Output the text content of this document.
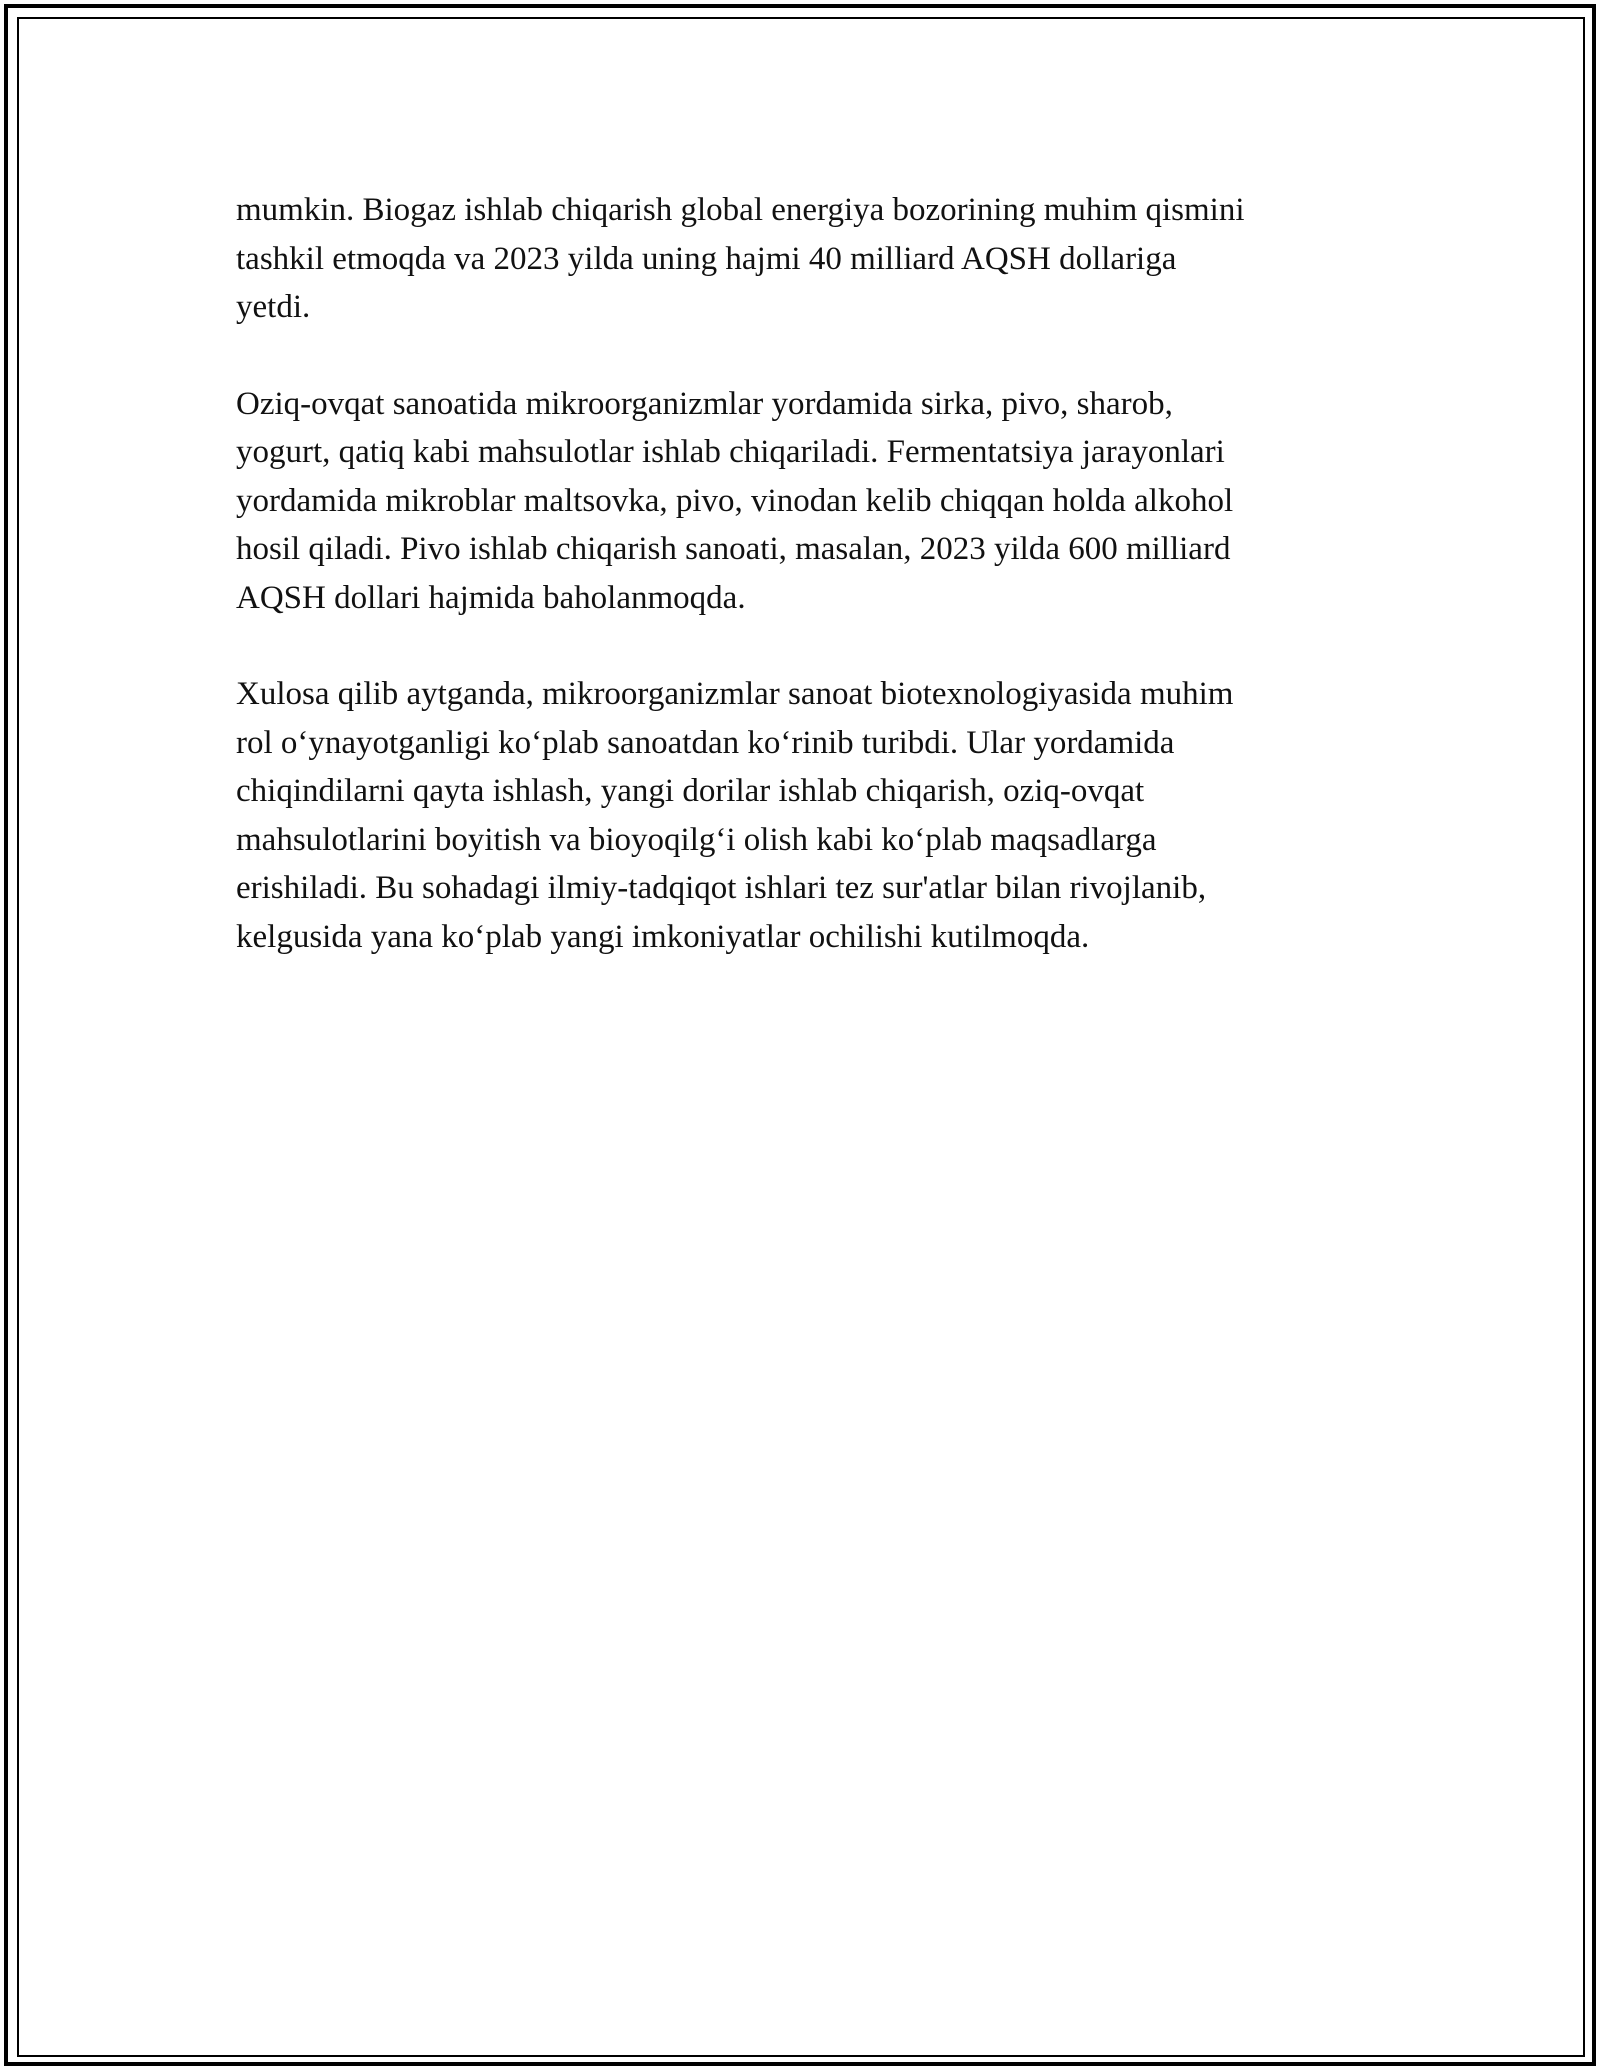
mumkin. Biogaz ishlab chiqarish global energiya bozorining muhim qismini
tashkil etmoqda va 2023 yilda uning hajmi 40 milliard AQSH dollariga
yetdi.

Oziq-ovqat sanoatida mikroorganizmlar yordamida sirka, pivo, sharob,
yogurt, qatiq kabi mahsulotlar ishlab chiqariladi. Fermentatsiya jarayonlari
yordamida mikroblar maltsovka, pivo, vinodan kelib chiqqan holda alkohol
hosil qiladi. Pivo ishlab chiqarish sanoati, masalan, 2023 yilda 600 milliard
AQSH dollari hajmida baholanmoqda.

Xulosa qilib aytganda, mikroorganizmlar sanoat biotexnologiyasida muhim
rol o‘ynayotganligi ko‘plab sanoatdan ko‘rinib turibdi. Ular yordamida
chiqindilarni qayta ishlash, yangi dorilar ishlab chiqarish, oziq-ovqat
mahsulotlarini boyitish va bioyoqilg‘i olish kabi ko‘plab maqsadlarga
erishiladi. Bu sohadagi ilmiy-tadqiqot ishlari tez sur'atlar bilan rivojlanib,
kelgusida yana ko‘plab yangi imkoniyatlar ochilishi kutilmoqda.
